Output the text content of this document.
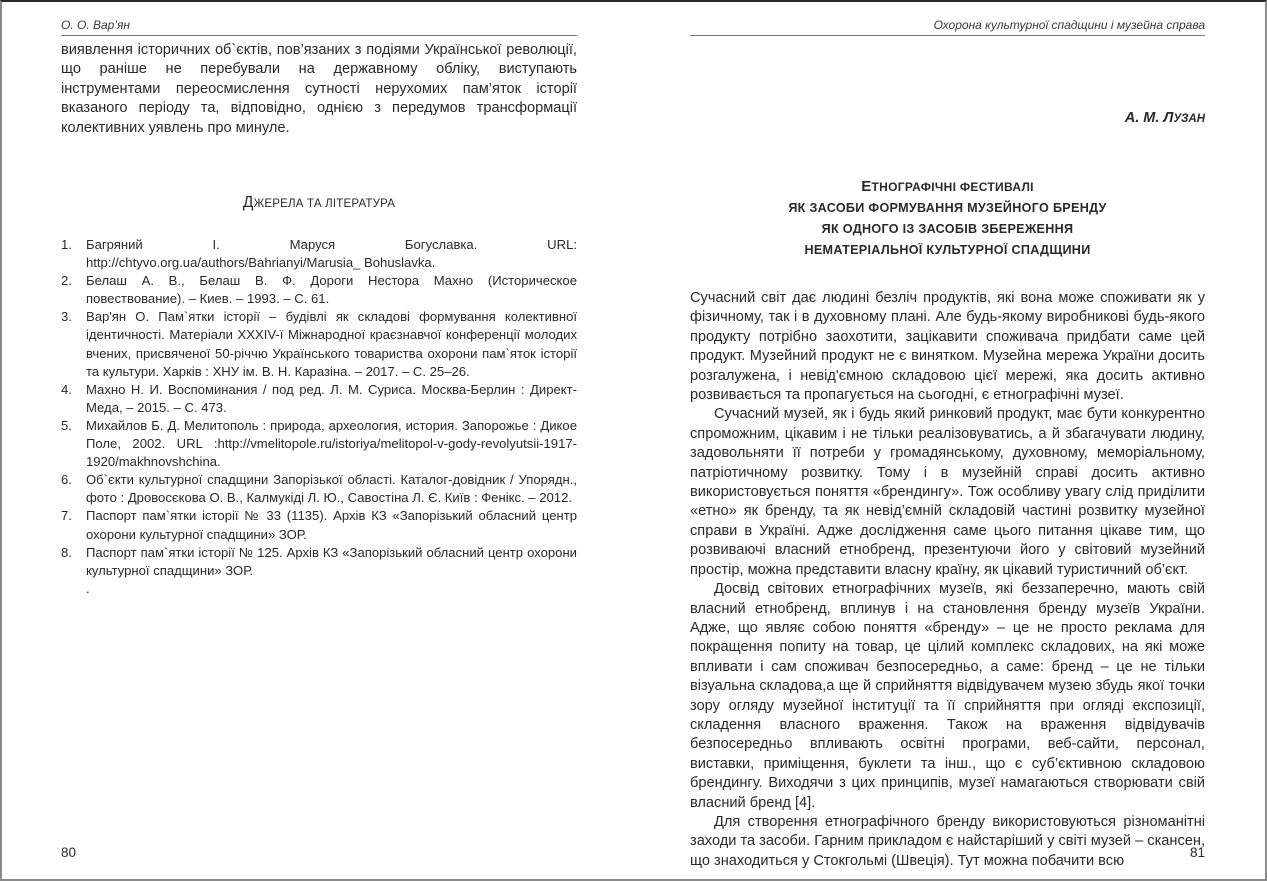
О. О. Вар’ян

виявлення історичних об`єктів, пов’язаних з подіями Української революції, що раніше не перебували на державному обліку, виступають інструментами переосмислення сутності нерухомих пам’яток історії вказаного періоду та, відповідно, однією з передумов трансформації колективних уявлень про минуле.

ДЖЕРЕЛА ТА ЛІТЕРАТУРА
1. Багряний І. Маруся Богуславка. URL: http://chtyvo.org.ua/authors/Bahrianyi/Marusia_ Bohuslavka.
2. Белаш А. В., Белаш В. Ф. Дороги Нестора Махно (Историческое повествование). – Киев. – 1993. – С. 61.
3. Вар'ян О. Пам`ятки історії – будівлі як складові формування колективної ідентичності. Матеріали ХХХIV-ї Міжнародної краєзнавчої конференції молодих вчених, присвяченої 50-річчю Українського товариства охорони пам`яток історії та культури. Харків : ХНУ ім. В. Н. Каразіна. – 2017. – С. 25–26.
4. Махно Н. И. Воспоминания / под ред. Л. М. Суриса. Москва-Берлин : Директ-Меда, – 2015. – С. 473.
5. Михайлов Б. Д. Мелитополь : природа, археология, история. Запорожье : Дикое Поле, 2002. URL :http://vmelitopole.ru/istoriya/melitopol-v-gody-revolyutsii-1917-1920/makhnovshchina.
6. Об`єкти культурної спадщини Запорізької області. Каталог-довідник / Упорядн., фото : Дровосєкова О. В., Калмукіді Л. Ю., Савостіна Л. Є. Київ : Фенікс. – 2012.
7. Паспорт пам`ятки історії № 33 (1135). Архів КЗ «Запорізький обласний центр охорони культурної спадщини» ЗОР.
8. Паспорт пам`ятки історії № 125. Архів КЗ «Запорізький обласний центр охорони культурної спадщини» ЗОР.
.
80
Охорона культурної спадщини і музейна справа
А. М. ЛУЗАН
ЕТНОГРАФІЧНІ ФЕСТИВАЛІ
ЯК ЗАСОБИ ФОРМУВАННЯ МУЗЕЙНОГО БРЕНДУ
ЯК ОДНОГО ІЗ ЗАСОБІВ ЗБЕРЕЖЕННЯ
НЕМАТЕРІАЛЬНОЇ КУЛЬТУРНОЇ СПАДЩИНИ

Сучасний світ дає людині безліч продуктів, які вона може споживати як у фізичному, так і в духовному плані. Але будь-якому виробникові будь-якого продукту потрібно заохотити, зацікавити споживача придбати саме цей продукт. Музейний продукт не є винятком. Музейна мережа України досить розгалужена, і невід'ємною складовою цієї мережі, яка досить активно розвивається та пропагується на сьогодні, є етнографічні музеї.

Сучасний музей, як і будь який ринковий продукт, має бути конкурентно спроможним, цікавим і не тільки реалізовуватись, а й збагачувати людину, задовольняти її потреби у громадянському, духовному, меморіальному, патріотичному розвитку. Тому і в музейній справі досить активно використовується поняття «брендингу». Тож особливу увагу слід приділити «етно» як бренду, та як невід’ємній складовій частині розвитку музейної справи в Україні. Адже дослідження саме цього питання цікаве тим, що розвиваючі власний етнобренд, презентуючи його у світовий музейний простір, можна представити власну країну, як цікавий туристичний об’єкт.

Досвід світових етнографічних музеїв, які беззаперечно, мають свій власний етнобренд, вплинув і на становлення бренду музеїв України. Адже, що являє собою поняття «бренду» – це не просто реклама для покращення попиту на товар, це цілий комплекс складових, на які може впливати і сам споживач безпосередньо, а саме: бренд – це не тільки візуальна складова,а ще й сприйняття відвідувачем музею збудь якої точки зору огляду музейної інституції та її сприйняття при огляді експозиції, складення власного враження. Також на враження відвідувачів безпосередньо впливають освітні програми, веб-сайти, персонал, виставки, приміщення, буклети та інш., що є суб’єктивною складовою брендингу. Виходячи з цих принципів, музеї намагаються створювати свій власний бренд [4].

Для створення етнографічного бренду використовуються різноманітні заходи та засоби. Гарним прикладом є найстаріший у світі музей – скансен, що знаходиться у Стокгольмі (Швеція). Тут можна побачити всю

81
